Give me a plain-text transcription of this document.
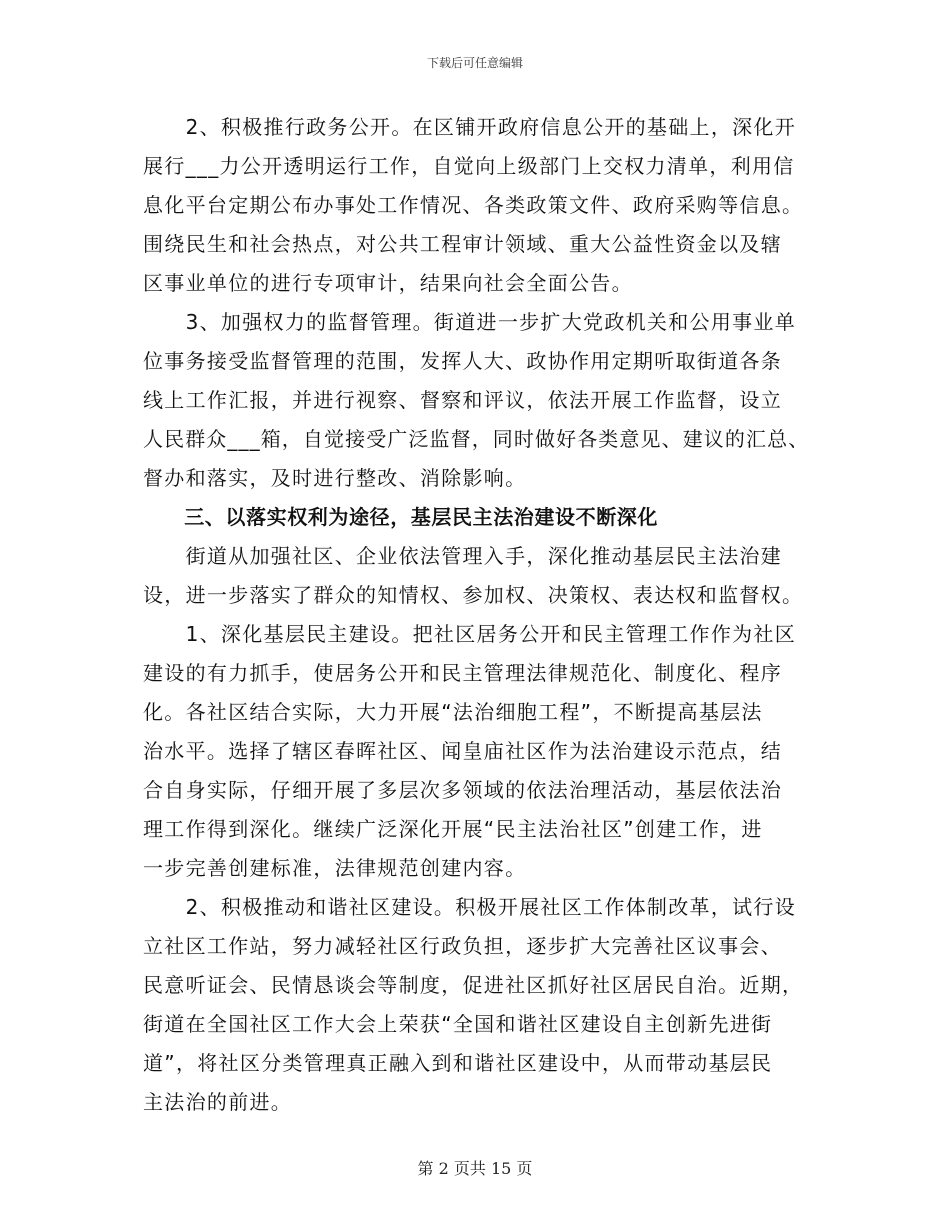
下载后可任意编辑
　　2、积极推行政务公开。在区铺开政府信息公开的基础上，深化开
展行___力公开透明运行工作，自觉向上级部门上交权力清单，利用信
息化平台定期公布办事处工作情况、各类政策文件、政府采购等信息。
围绕民生和社会热点，对公共工程审计领域、重大公益性资金以及辖
区事业单位的进行专项审计，结果向社会全面公告。
　　3、加强权力的监督管理。街道进一步扩大党政机关和公用事业单
位事务接受监督管理的范围，发挥人大、政协作用定期听取街道各条
线上工作汇报，并进行视察、督察和评议，依法开展工作监督，设立
人民群众___箱，自觉接受广泛监督，同时做好各类意见、建议的汇总、
督办和落实，及时进行整改、消除影响。
　　三、以落实权利为途径，基层民主法治建设不断深化
　　街道从加强社区、企业依法管理入手，深化推动基层民主法治建
设，进一步落实了群众的知情权、参加权、决策权、表达权和监督权。
　　1、深化基层民主建设。把社区居务公开和民主管理工作作为社区
建设的有力抓手，使居务公开和民主管理法律规范化、制度化、程序
化。各社区结合实际，大力开展“法治细胞工程”，不断提高基层法
治水平。选择了辖区春晖社区、闻皇庙社区作为法治建设示范点，结
合自身实际，仔细开展了多层次多领域的依法治理活动，基层依法治
理工作得到深化。继续广泛深化开展“民主法治社区”创建工作，进
一步完善创建标准，法律规范创建内容。
　　2、积极推动和谐社区建设。积极开展社区工作体制改革，试行设
立社区工作站，努力减轻社区行政负担，逐步扩大完善社区议事会、
民意听证会、民情恳谈会等制度，促进社区抓好社区居民自治。近期，
街道在全国社区工作大会上荣获“全国和谐社区建设自主创新先进街
道”，将社区分类管理真正融入到和谐社区建设中，从而带动基层民
主法治的前进。
第 2 页共 15 页
